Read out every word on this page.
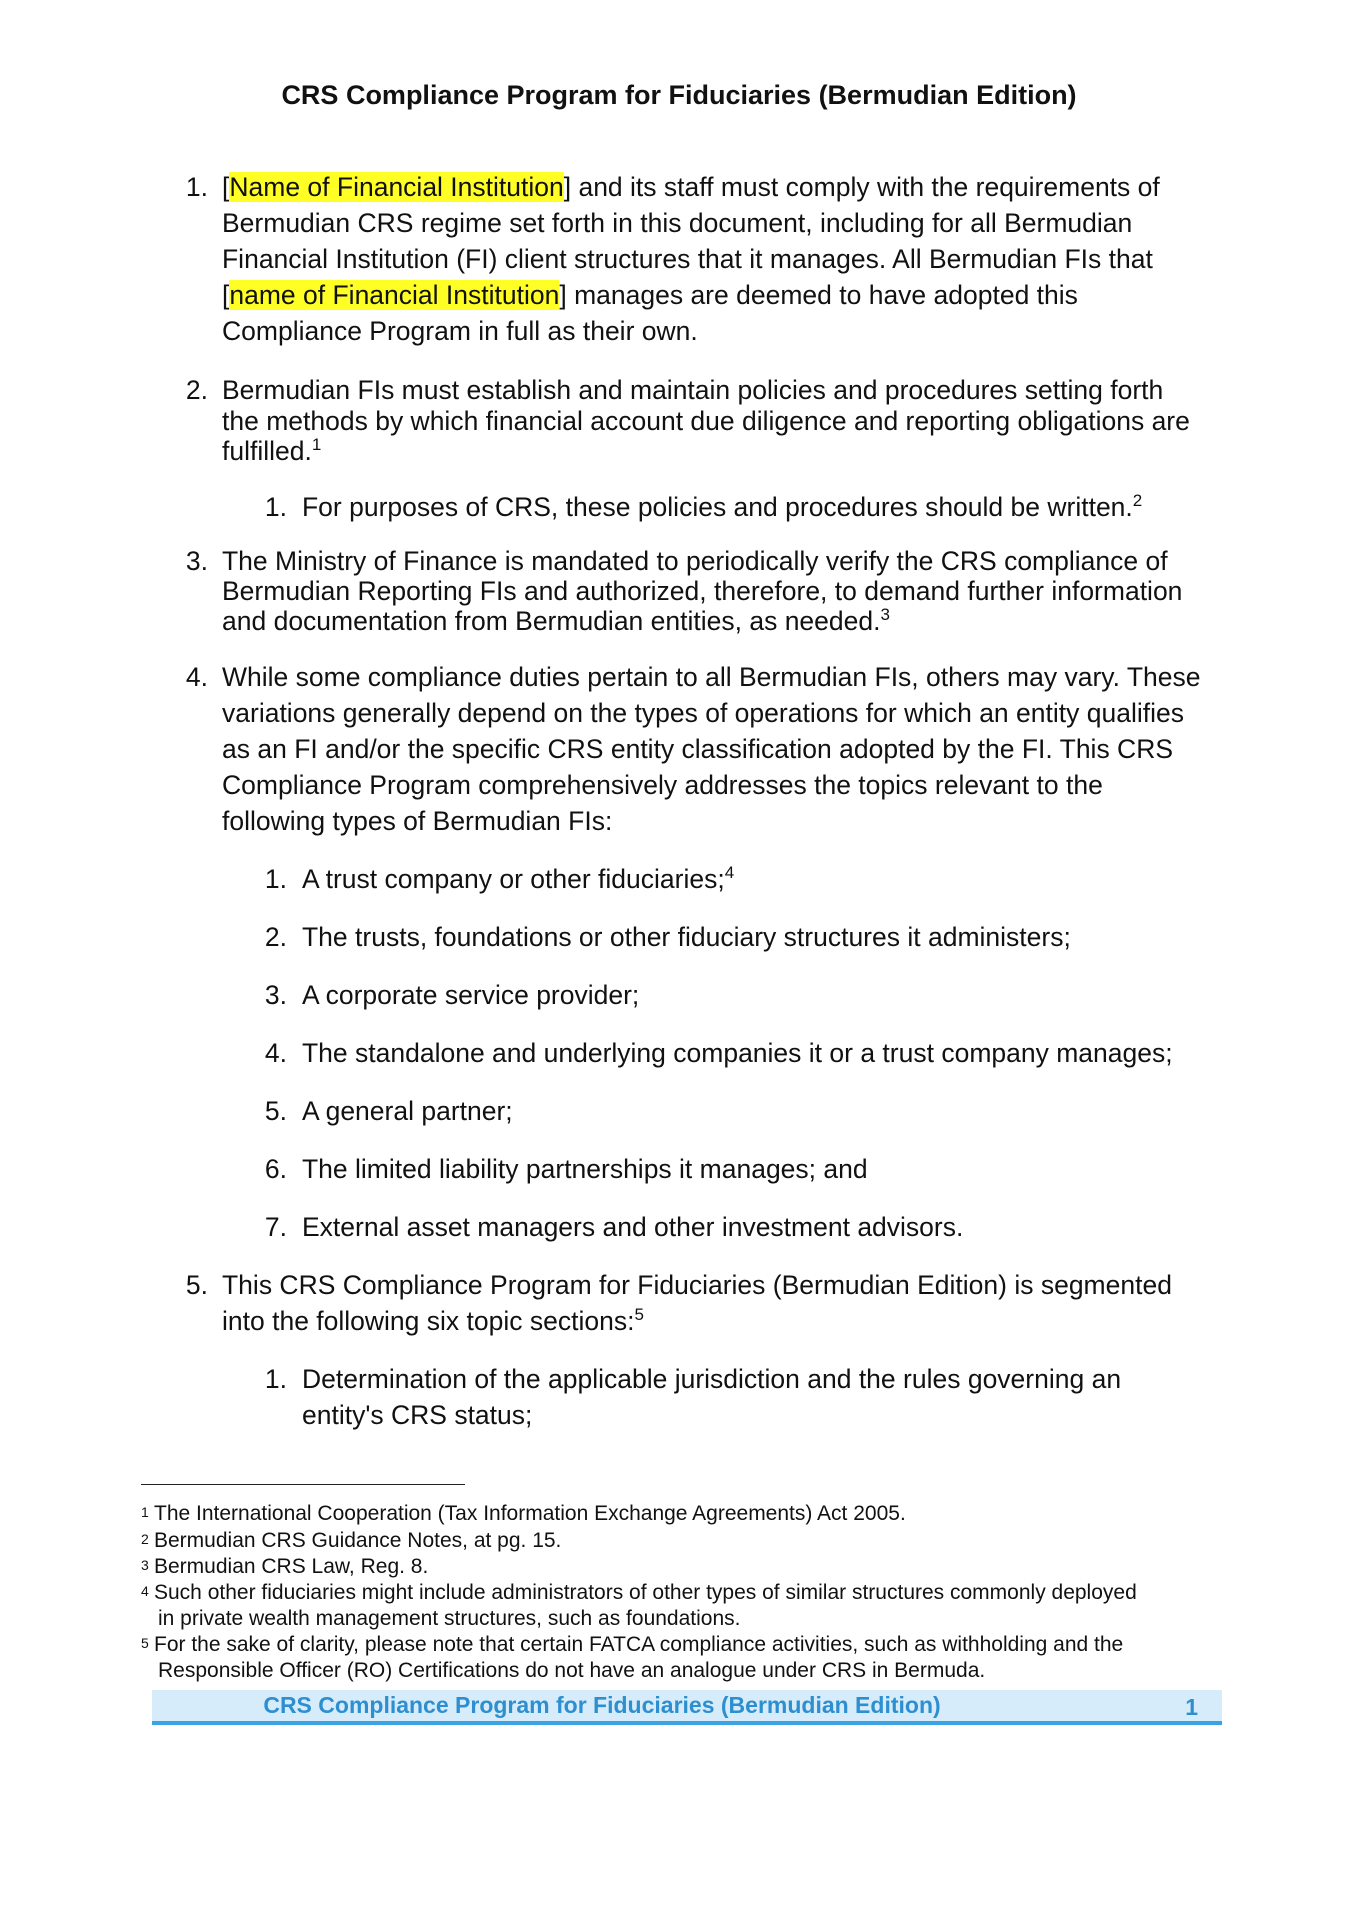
CRS Compliance Program for Fiduciaries (Bermudian Edition)
1. [Name of Financial Institution] and its staff must comply with the requirements of
Bermudian CRS regime set forth in this document, including for all Bermudian
Financial Institution (FI) client structures that it manages. All Bermudian FIs that
[name of Financial Institution] manages are deemed to have adopted this
Compliance Program in full as their own.
2. Bermudian FIs must establish and maintain policies and procedures setting forth
the methods by which financial account due diligence and reporting obligations are
fulfilled.$^1$
1. For purposes of CRS, these policies and procedures should be written.$^2$
3. The Ministry of Finance is mandated to periodically verify the CRS compliance of
Bermudian Reporting FIs and authorized, therefore, to demand further information
and documentation from Bermudian entities, as needed.$^3$
4. While some compliance duties pertain to all Bermudian FIs, others may vary. These
variations generally depend on the types of operations for which an entity qualifies
as an FI and/or the specific CRS entity classification adopted by the FI. This CRS
Compliance Program comprehensively addresses the topics relevant to the
following types of Bermudian FIs:
1. A trust company or other fiduciaries;$^4$
2. The trusts, foundations or other fiduciary structures it administers;
3. A corporate service provider;
4. The standalone and underlying companies it or a trust company manages;
5. A general partner;
6. The limited liability partnerships it manages; and
7. External asset managers and other investment advisors.
5. This CRS Compliance Program for Fiduciaries (Bermudian Edition) is segmented
into the following six topic sections:$^5$
1. Determination of the applicable jurisdiction and the rules governing an
entity's CRS status;
1 The International Cooperation (Tax Information Exchange Agreements) Act 2005.
2 Bermudian CRS Guidance Notes, at pg. 15.
3 Bermudian CRS Law, Reg. 8.
4 Such other fiduciaries might include administrators of other types of similar structures commonly deployed
in private wealth management structures, such as foundations.
5 For the sake of clarity, please note that certain FATCA compliance activities, such as withholding and the
Responsible Officer (RO) Certifications do not have an analogue under CRS in Bermuda.
CRS Compliance Program for Fiduciaries (Bermudian Edition)	1
